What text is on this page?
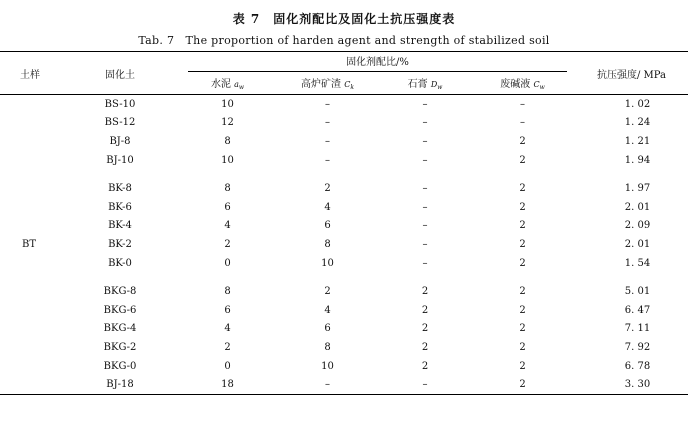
表 7　固化剂配比及固化土抗压强度表
Tab. 7　The proportion of harden agent and strength of stabilized soil
土样	固化土	固化剂配比/%				抗压强度/ MPa
		水泥 $a_w$	高炉矿渣 $C_k$	石膏 $D_w$	废碱液 $C_w$
BT	BS-10	10	–	–	–	1. 02
	BS-12	12	–	–	–	1. 24
	BJ-8	8	–	–	2	1. 21
	BJ-10	10	–	–	2	1. 94
	BK-8	8	2	–	2	1. 97
	BK-6	6	4	–	2	2. 01
	BK-4	4	6	–	2	2. 09
	BK-2	2	8	–	2	2. 01
	BK-0	0	10	–	2	1. 54
	BKG-8	8	2	2	2	5. 01
	BKG-6	6	4	2	2	6. 47
	BKG-4	4	6	2	2	7. 11
	BKG-2	2	8	2	2	7. 92
	BKG-0	0	10	2	2	6. 78
	BJ-18	18	–	–	2	3. 30
